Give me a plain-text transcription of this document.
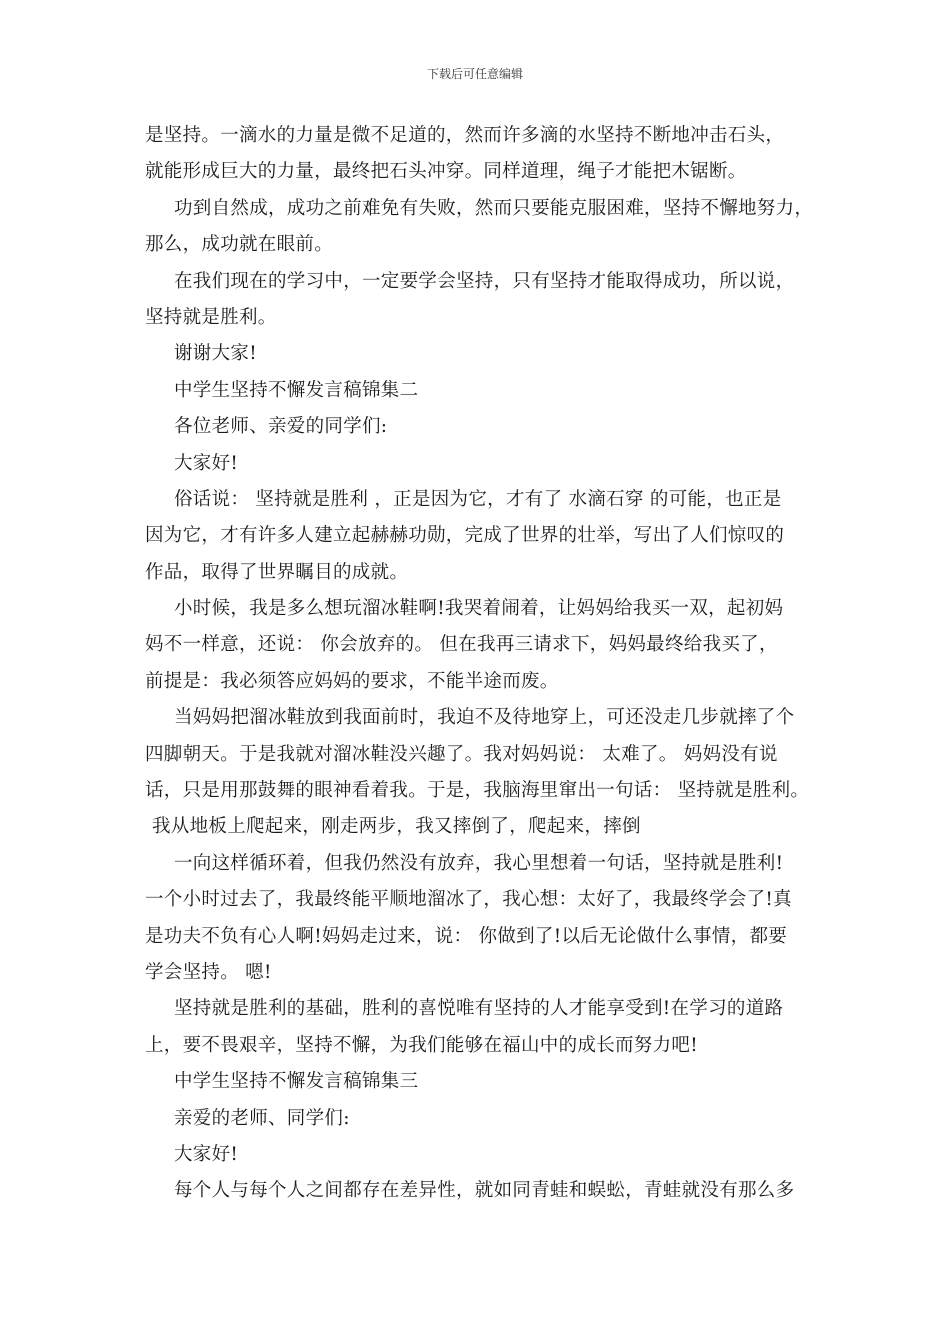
下载后可任意编辑
是坚持。一滴水的力量是微不足道的，然而许多滴的水坚持不断地冲击石头，
就能形成巨大的力量，最终把石头冲穿。同样道理，绳子才能把木锯断。
功到自然成，成功之前难免有失败，然而只要能克服困难，坚持不懈地努力，
那么，成功就在眼前。
在我们现在的学习中，一定要学会坚持，只有坚持才能取得成功，所以说，
坚持就是胜利。
谢谢大家!
中学生坚持不懈发言稿锦集二
各位老师、亲爱的同学们:
大家好!
俗话说： 坚持就是胜利 ，正是因为它，才有了 水滴石穿 的可能，也正是
因为它，才有许多人建立起赫赫功勋，完成了世界的壮举，写出了人们惊叹的
作品，取得了世界瞩目的成就。
小时候，我是多么想玩溜冰鞋啊!我哭着闹着，让妈妈给我买一双，起初妈
妈不一样意，还说： 你会放弃的。 但在我再三请求下，妈妈最终给我买了，
前提是：我必须答应妈妈的要求，不能半途而废。
当妈妈把溜冰鞋放到我面前时，我迫不及待地穿上，可还没走几步就摔了个
四脚朝天。于是我就对溜冰鞋没兴趣了。我对妈妈说： 太难了。 妈妈没有说
话，只是用那鼓舞的眼神看着我。于是，我脑海里窜出一句话： 坚持就是胜利。
我从地板上爬起来，刚走两步，我又摔倒了，爬起来，摔倒
一向这样循环着，但我仍然没有放弃，我心里想着一句话，坚持就是胜利!
一个小时过去了，我最终能平顺地溜冰了，我心想：太好了，我最终学会了!真
是功夫不负有心人啊!妈妈走过来，说： 你做到了!以后无论做什么事情，都要
学会坚持。 嗯!
坚持就是胜利的基础，胜利的喜悦唯有坚持的人才能享受到!在学习的道路
上，要不畏艰辛，坚持不懈，为我们能够在福山中的成长而努力吧!
中学生坚持不懈发言稿锦集三
亲爱的老师、同学们:
大家好!
每个人与每个人之间都存在差异性，就如同青蛙和蜈蚣，青蛙就没有那么多
